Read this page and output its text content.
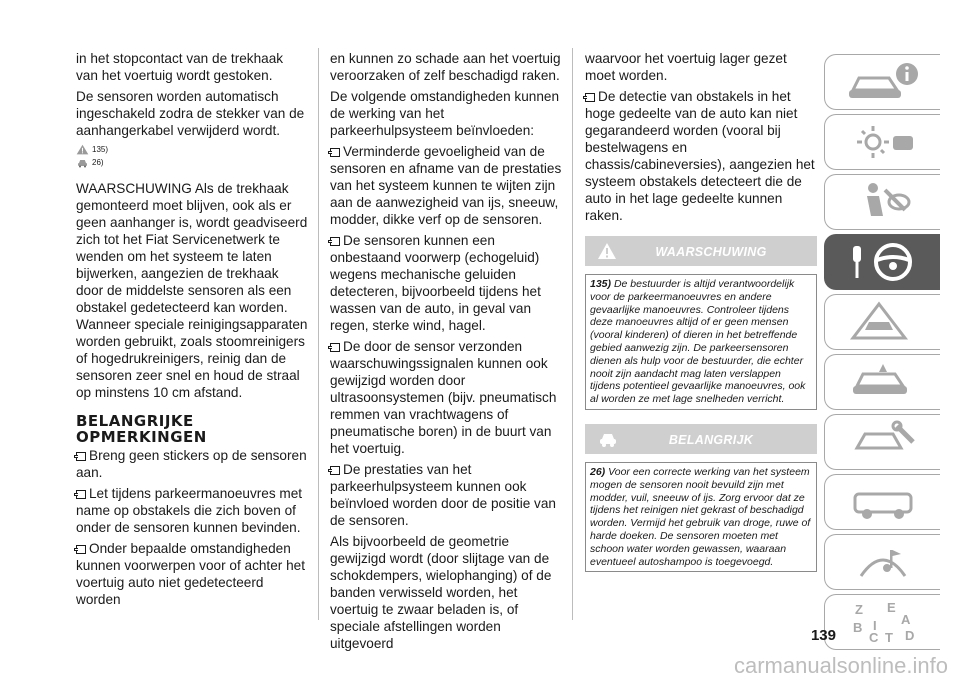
in het stopcontact van de trekhaak van het voertuig wordt gestoken.

De sensoren worden automatisch ingeschakeld zodra de stekker van de aanhangerkabel verwijderd wordt.

135)
26)

WAARSCHUWING Als de trekhaak gemonteerd moet blijven, ook als er geen aanhanger is, wordt geadviseerd zich tot het Fiat Servicenetwerk te wenden om het systeem te laten bijwerken, aangezien de trekhaak door de middelste sensoren als een obstakel gedetecteerd kan worden. Wanneer speciale reinigingsapparaten worden gebruikt, zoals stoomreinigers of hogedrukreinigers, reinig dan de sensoren zeer snel en houd de straal op minstens 10 cm afstand.

BELANGRIJKE OPMERKINGEN

Breng geen stickers op de sensoren aan.

Let tijdens parkeermanoeuvres met name op obstakels die zich boven of onder de sensoren kunnen bevinden.

Onder bepaalde omstandigheden kunnen voorwerpen voor of achter het voertuig auto niet gedetecteerd worden

en kunnen zo schade aan het voertuig veroorzaken of zelf beschadigd raken.

De volgende omstandigheden kunnen de werking van het parkeerhulpsysteem beïnvloeden:

Verminderde gevoeligheid van de sensoren en afname van de prestaties van het systeem kunnen te wijten zijn aan de aanwezigheid van ijs, sneeuw, modder, dikke verf op de sensoren.

De sensoren kunnen een onbestaand voorwerp (echogeluid) wegens mechanische geluiden detecteren, bijvoorbeeld tijdens het wassen van de auto, in geval van regen, sterke wind, hagel.

De door de sensor verzonden waarschuwingssignalen kunnen ook gewijzigd worden door ultrasoonsystemen (bijv. pneumatisch remmen van vrachtwagens of pneumatische boren) in de buurt van het voertuig.

De prestaties van het parkeerhulpsysteem kunnen ook beïnvloed worden door de positie van de sensoren.

Als bijvoorbeeld de geometrie gewijzigd wordt (door slijtage van de schokdempers, wielophanging) of de banden verwisseld worden, het voertuig te zwaar beladen is, of speciale afstellingen worden uitgevoerd

waarvoor het voertuig lager gezet moet worden.

De detectie van obstakels in het hoge gedeelte van de auto kan niet gegarandeerd worden (vooral bij bestelwagens en chassis/cabineversies), aangezien het systeem obstakels detecteert die de auto in het lage gedeelte kunnen raken.

WAARSCHUWING
135) De bestuurder is altijd verantwoordelijk voor de parkeermanoeuvres en andere gevaarlijke manoeuvres. Controleer tijdens deze manoeuvres altijd of er geen mensen (vooral kinderen) of dieren in het betreffende gebied aanwezig zijn. De parkeersensoren dienen als hulp voor de bestuurder, die echter nooit zijn aandacht mag laten verslappen tijdens potentieel gevaarlijke manoeuvres, ook al worden ze met lage snelheden verricht.
BELANGRIJK
26) Voor een correcte werking van het systeem mogen de sensoren nooit bevuild zijn met modder, vuil, sneeuw of ijs. Zorg ervoor dat ze tijdens het reinigen niet gekrast of beschadigd worden. Vermijd het gebruik van droge, ruwe of harde doeken. De sensoren moeten met schoon water worden gewassen, waaraan eventueel autoshampoo is toegevoegd.
Z E
A
B
C D
T
I
139
carmanualsonline.info
